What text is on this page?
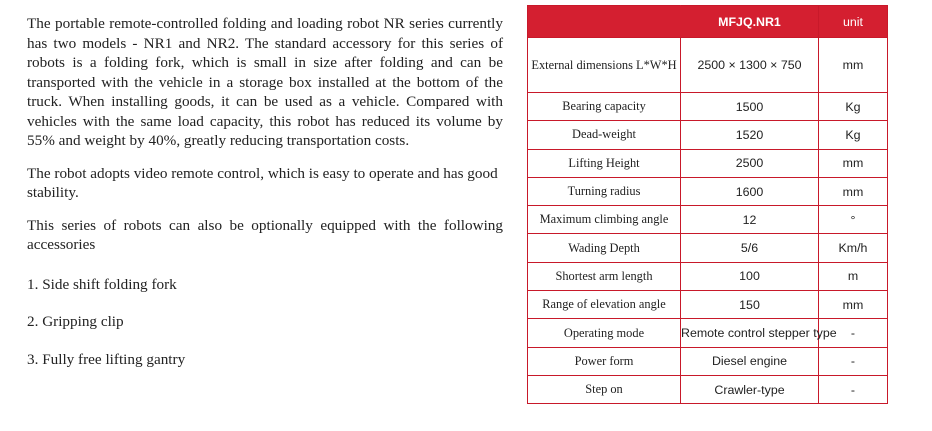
The portable remote-controlled folding and loading robot NR series currently has two models - NR1 and NR2. The standard accessory for this series of robots is a folding fork, which is small in size after folding and can be transported with the vehicle in a storage box installed at the bottom of the truck. When installing goods, it can be used as a vehicle. Compared with vehicles with the same load capacity, this robot has reduced its volume by 55% and weight by 40%, greatly reducing transportation costs.

The robot adopts video remote control, which is easy to operate and has good stability.

This series of robots can also be optionally equipped with the following accessories

1. Side shift folding fork

2. Gripping clip

3. Fully free lifting gantry

	MFJQ.NR1	unit

External dimensions L*W*H	2500 × 1300 × 750	mm
Bearing capacity	1500	Kg
Dead-weight	1520	Kg
Lifting Height	2500	mm
Turning radius	1600	mm
Maximum climbing angle	12	°
Wading Depth	5/6	Km/h
Shortest arm length	100	m
Range of elevation angle	150	mm
Operating mode	Remote control stepper type	-
Power form	Diesel engine	-
Step on	Crawler-type	-
